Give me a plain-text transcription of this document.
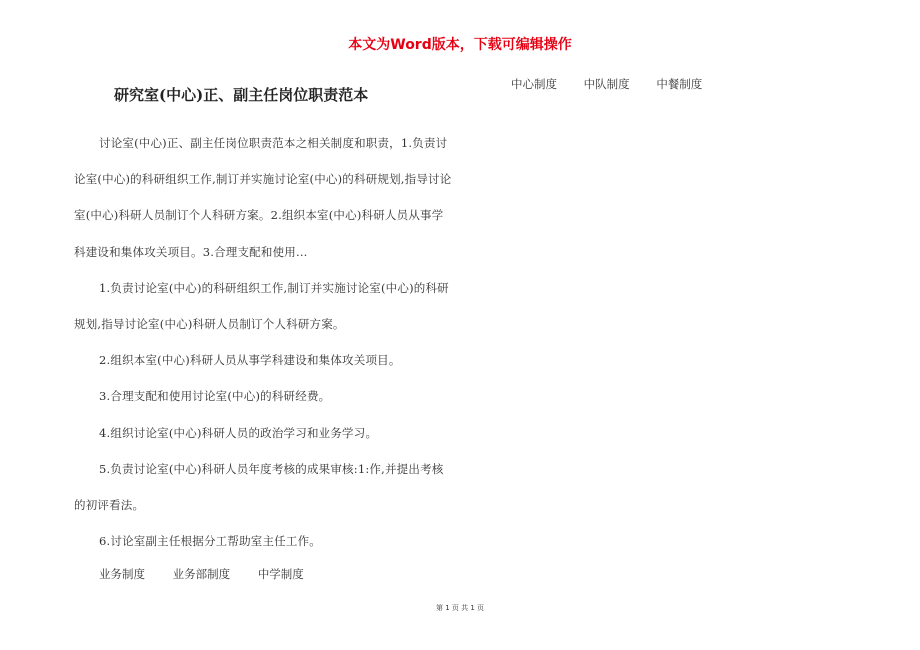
本文为Word版本，下载可编辑操作
研究室(中心)正、副主任岗位职责范本
中心制度 中队制度 中餐制度

讨论室(中心)正、副主任岗位职责范本之相关制度和职责，1.负责讨论室(中心)的科研组织工作,制订并实施讨论室(中心)的科研规划,指导讨论室(中心)科研人员制订个人科研方案。2.组织本室(中心)科研人员从事学科建设和集体攻关项目。3.合理支配和使用...

1.负责讨论室(中心)的科研组织工作,制订并实施讨论室(中心)的科研规划,指导讨论室(中心)科研人员制订个人科研方案。

2.组织本室(中心)科研人员从事学科建设和集体攻关项目。

3.合理支配和使用讨论室(中心)的科研经费。

4.组织讨论室(中心)科研人员的政治学习和业务学习。

5.负责讨论室(中心)科研人员年度考核的成果审核:1:作,并提出考核的初评看法。

6.讨论室副主任根据分工帮助室主任工作。

业务制度 业务部制度 中学制度
第 1 页 共 1 页
